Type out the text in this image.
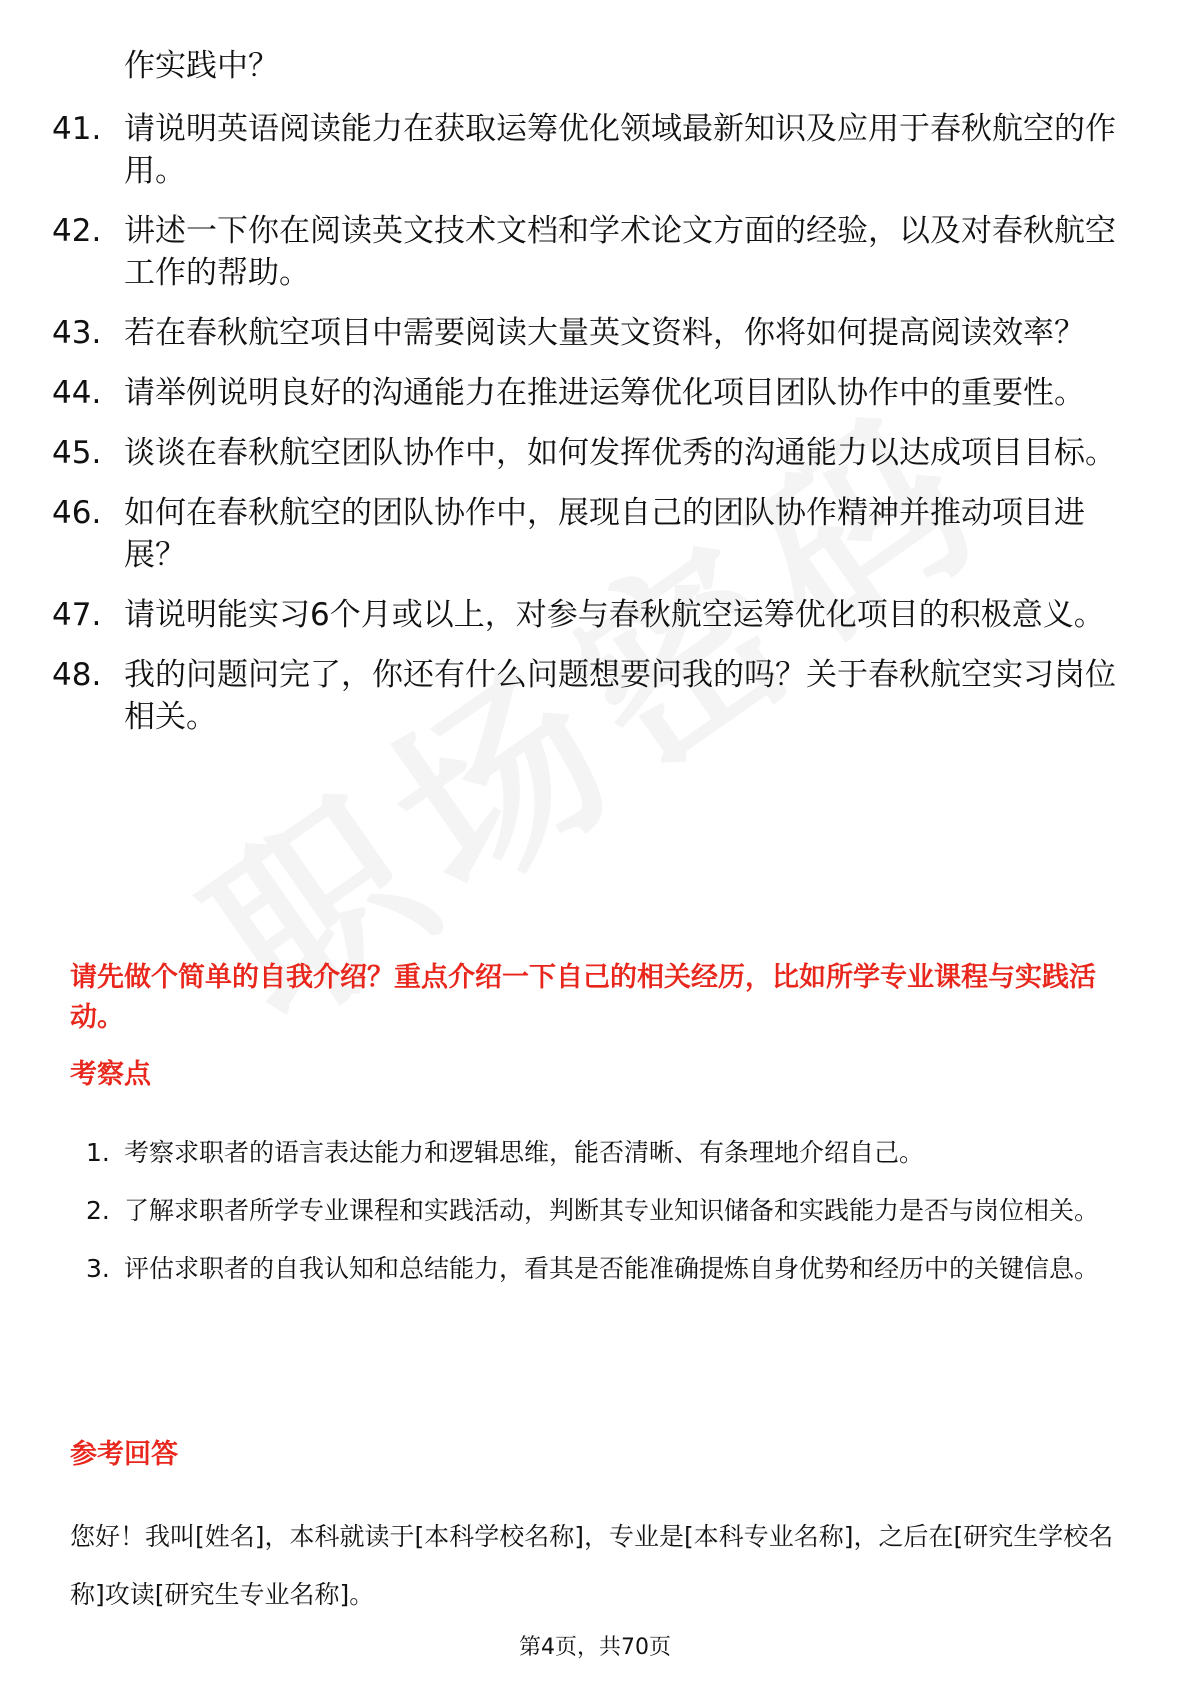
作实践中？
41. 请说明英语阅读能力在获取运筹优化领域最新知识及应用于春秋航空的作用。
42. 讲述一下你在阅读英文技术文档和学术论文方面的经验，以及对春秋航空工作的帮助。
43. 若在春秋航空项目中需要阅读大量英文资料，你将如何提高阅读效率？
44. 请举例说明良好的沟通能力在推进运筹优化项目团队协作中的重要性。
45. 谈谈在春秋航空团队协作中，如何发挥优秀的沟通能力以达成项目目标。
46. 如何在春秋航空的团队协作中，展现自己的团队协作精神并推动项目进展？
47. 请说明能实习6个月或以上，对参与春秋航空运筹优化项目的积极意义。
48. 我的问题问完了，你还有什么问题想要问我的吗？关于春秋航空实习岗位相关。
请先做个简单的自我介绍？重点介绍一下自己的相关经历，比如所学专业课程与实践活动。
考察点
1. 考察求职者的语言表达能力和逻辑思维，能否清晰、有条理地介绍自己。
2. 了解求职者所学专业课程和实践活动，判断其专业知识储备和实践能力是否与岗位相关。
3. 评估求职者的自我认知和总结能力，看其是否能准确提炼自身优势和经历中的关键信息。
参考回答
您好！我叫[姓名]，本科就读于[本科学校名称]，专业是[本科专业名称]，之后在[研究生学校名称]攻读[研究生专业名称]。
第4页，共70页
